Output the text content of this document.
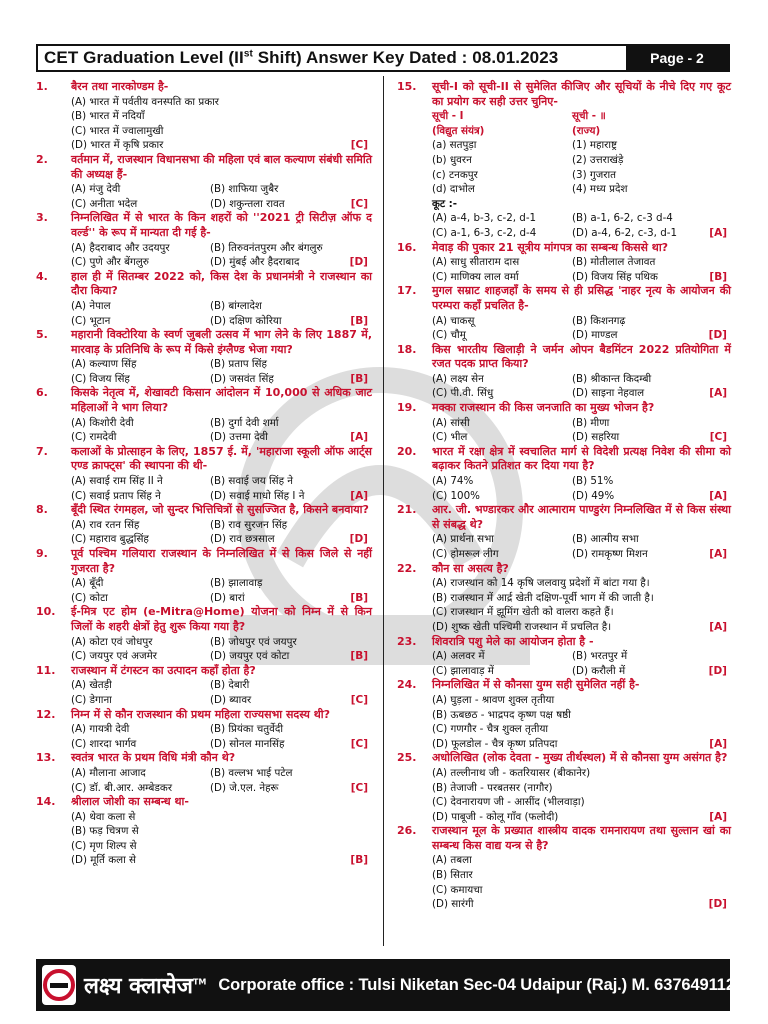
CET Graduation Level (IIst Shift) Answer Key Dated : 08.01.2023	Page - 2
1.	बैरन तथा नारकोण्डम है-
(A) भारत में पर्वतीय वनस्पति का प्रकार
(B) भारत में नदियाँ
(C) भारत में ज्वालामुखी
(D) भारत में कृषि प्रकार	[C]
2.	वर्तमान में, राजस्थान विधानसभा की महिला एवं बाल कल्याण संबंधी समिति की अध्यक्ष हैं-
(A) मंजु देवी	(B) शाफिया जुबैर
(C) अनीता भदेल	(D) शकुन्तला रावत	[C]
3.	निम्नलिखित में से भारत के किन शहरों को ''2021 ट्री सिटीज़ ऑफ द वर्ल्ड'' के रूप में मान्यता दी गई है-
(A) हैदराबाद और उदयपुर	(B) तिरुवनंतपुरम और बंगलुरु
(C) पुणे और बेंगलुरु	(D) मुंबई और हैदराबाद	[D]
4.	हाल ही में सितम्बर 2022 को, किस देश के प्रधानमंत्री ने राजस्थान का दौरा किया?
(A) नेपाल	(B) बांग्लादेश
(C) भूटान	(D) दक्षिण कोरिया	[B]
5.	महारानी विक्टोरिया के स्वर्ण जुबली उत्सव में भाग लेने के लिए 1887 में, मारवाड़ के प्रतिनिधि के रूप में किसे इंग्लैण्ड भेजा गया?
(A) कल्याण सिंह	(B) प्रताप सिंह
(C) विजय सिंह	(D) जसवंत सिंह	[B]
6.	किसके नेतृत्व में, शेखावटी किसान आंदोलन में 10,000 से अधिक जाट महिलाओं ने भाग लिया?
(A) किशोरी देवी	(B) दुर्गा देवी शर्मा
(C) रामदेवी	(D) उत्तमा देवी	[A]
7.	कलाओं के प्रोत्साहन के लिए, 1857 ई. में, 'महाराजा स्कूली ऑफ आर्ट्स एण्ड क्राफ्ट्स' की स्थापना की थी-
(A) सवाई राम सिंह II ने	(B) सवाई जय सिंह ने
(C) सवाई प्रताप सिंह ने	(D) सवाई माधो सिंह I ने	[A]
8.	बूँदी स्थित रंगमहल, जो सुन्दर भित्तिचित्रों से सुसज्जित है, किसने बनवाया?
(A) राव रतन सिंह	(B) राव सुरजन सिंह
(C) महाराव बुद्धसिंह	(D) राव छत्रसाल	[D]
9.	पूर्व पश्चिम गलियारा राजस्थान के निम्नलिखित में से किस जिले से नहीं गुजरता है?
(A) बूँदी	(B) झालावाड़
(C) कोटा	(D) बारां	[B]
10.	ई-मित्र एट होम (e-Mitra@Home) योजना को निम्न में से किन जिलों के शहरी क्षेत्रों हेतु शुरू किया गया है?
(A) कोटा एवं जोधपुर	(B) जोधपुर एवं जयपुर
(C) जयपुर एवं अजमेर	(D) जयपुर एवं कोटा	[B]
11.	राजस्थान में टंगस्टन का उत्पादन कहाँ होता है?
(A) खेतड़ी	(B) देबारी
(C) डेगाना	(D) ब्यावर	[C]
12.	निम्न में से कौन राजस्थान की प्रथम महिला राज्यसभा सदस्य थी?
(A) गायत्री देवी	(B) प्रियंका चतुर्वेदी
(C) शारदा भार्गव	(D) सोनल मानसिंह	[C]
13.	स्वतंत्र भारत के प्रथम विधि मंत्री कौन थे?
(A) मौलाना आजाद	(B) वल्लभ भाई पटेल
(C) डॉ. बी.आर. अम्बेडकर	(D) जे.एल. नेहरू	[C]
14.	श्रीलाल जोशी का सम्बन्ध था-
(A) थेवा कला से
(B) फड़ चित्रण से
(C) मृण शिल्प से
(D) मूर्ति कला से	[B]
15.	सूची-I को सूची-II से सुमेलित कीजिए और सूचियों के नीचे दिए गए कूट का प्रयोग कर सही उत्तर चुनिए-
सूची - I	सूची - ॥
(विद्युत संयंत्र)	(राज्य)
(a) सतपुड़ा	(1) महाराष्ट्र
(b) धुवरन	(2) उत्तराखंड़े
(c) टनकपुर	(3) गुजरात
(d) दाभोल	(4) मध्य प्रदेश
कूट :-
(A) a-4, b-3, c-2, d-1	(B) a-1, 6-2, c-3 d-4
(C) a-1, 6-3, c-2, d-4	(D) a-4, 6-2, c-3, d-1	[A]
16.	मेवाड़ की पुकार 21 सूत्रीय मांगपत्र का सम्बन्ध किससे था?
(A) साधु सीताराम दास	(B) मोतीलाल तेजावत
(C) माणिक्य लाल वर्मा	(D) विजय सिंह पथिक	[B]
17.	मुगल सम्राट शाहजहाँ के समय से ही प्रसिद्ध 'नाहर नृत्य के आयोजन की परम्परा कहाँ प्रचलित है-
(A) चाकसू	(B) किशनगढ़
(C) चौमू	(D) माण्डल	[D]
18.	किस भारतीय खिलाड़ी ने जर्मन ओपन बैडमिंटन 2022 प्रतियोगिता में रजत पदक प्राप्त किया?
(A) लक्ष्य सेन	(B) श्रीकान्त किदम्बी
(C) पी.वी. सिंधु	(D) साइना नेहवाल	[A]
19.	मक्का राजस्थान की किस जनजाति का मुख्य भोजन है?
(A) सांसी	(B) मीणा
(C) भील	(D) सहरिया	[C]
20.	भारत में रक्षा क्षेत्र में स्वचालित मार्ग से विदेशी प्रत्यक्ष निवेश की सीमा को बढ़ाकर कितने प्रतिशत कर दिया गया है?
(A) 74%	(B) 51%
(C) 100%	(D) 49%	[A]
21.	आर. जी. भण्डारकर और आत्माराम पाण्डुरंग निम्नलिखित में से किस संस्था से संबद्ध थे?
(A) प्रार्थना सभा	(B) आत्मीय सभा
(C) होमरूल लीग	(D) रामकृष्ण मिशन	[A]
22.	कौन सा असत्य है?
(A) राजस्थान को 14 कृषि जलवायु प्रदेशों में बांटा गया है।
(B) राजस्थान में आर्द्र खेती दक्षिण-पूर्वी भाग में की जाती है।
(C) राजस्थान में झूमिंग खेती को वालरा कहते हैं।
(D) शुष्क खेती पश्चिमी राजस्थान में प्रचलित है।	[A]
23.	शिवरात्रि पशु मेले का आयोजन होता है -
(A) अलवर में	(B) भरतपुर में
(C) झालावाड़ में	(D) करौली में	[D]
24.	निम्नलिखित में से कौनसा युग्म सही सुमेलित नहीं है-
(A) घुड़ला - श्रावण शुक्ल तृतीया
(B) ऊबछठ - भाद्रपद कृष्ण पक्ष षष्ठी
(C) गणगौर - चैत्र शुक्ल तृतीया
(D) फूलडोल - चैत्र कृष्ण प्रतिपदा	[A]
25.	अधोलिखित (लोक देवता - मुख्य तीर्थस्थल) में से कौनसा युग्म असंगत है?
(A) तल्लीनाथ जी - कतरियासर (बीकानेर)
(B) तेजाजी - परबतसर (नागौर)
(C) देवनारायण जी - आसींद (भीलवाड़ा)
(D) पाबूजी - कोलू गाँव (फलोदी)	[A]
26.	राजस्थान मूल के प्रख्यात शास्त्रीय वादक रामनारायण तथा सुल्तान खां का सम्बन्ध किस वाद्य यन्त्र से है?
(A) तबला
(B) सितार
(C) कमायचा
(D) सारंगी	[D]
लक्ष्य क्लासेज™ Corporate office : Tulsi Niketan Sec-04 Udaipur (Raj.) M. 6376491126
